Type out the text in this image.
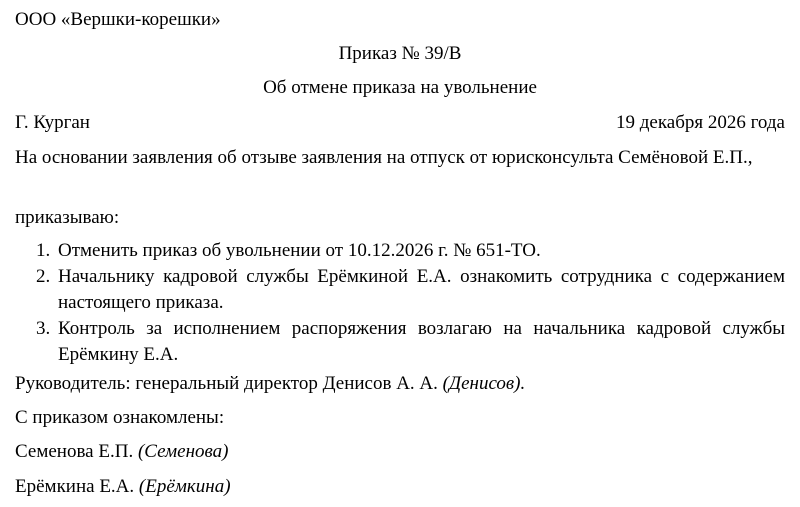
ООО «Вершки-корешки»
Приказ № 39/В
Об отмене приказа на увольнение
Г. Курган	19 декабря 2026 года
На основании заявления об отзыве заявления на отпуск от юрисконсульта Семёновой Е.П.,
приказываю:
1. Отменить приказ об увольнении от 10.12.2026 г. № 651-ТО.
2. Начальнику кадровой службы Ерёмкиной Е.А. ознакомить сотрудника с содержанием настоящего приказа.
3. Контроль за исполнением распоряжения возлагаю на начальника кадровой службы Ерёмкину Е.А.
Руководитель: генеральный директор Денисов А. А. (Денисов).
С приказом ознакомлены:
Семенова Е.П. (Семенова)
Ерёмкина Е.А. (Ерёмкина)
